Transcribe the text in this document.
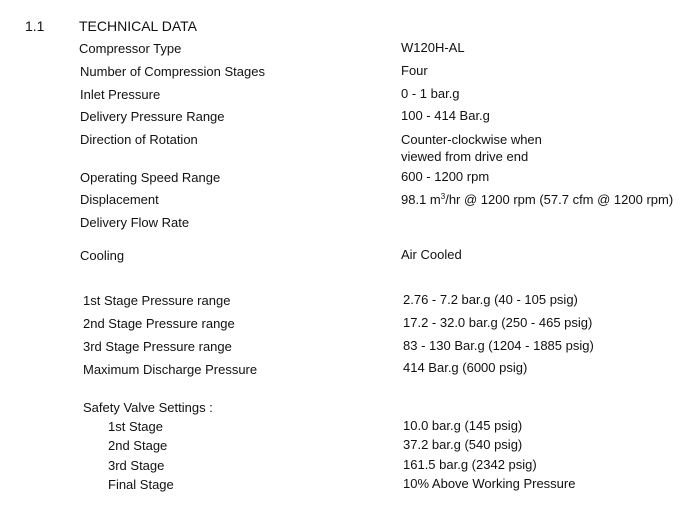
1.1 TECHNICAL DATA
Compressor Type	W120H-AL
Number of Compression Stages	Four
Inlet Pressure	0 - 1 bar.g
Delivery Pressure Range	100 - 414 Bar.g
Direction of Rotation	Counter-clockwise when
viewed from drive end
Operating Speed Range	600 - 1200 rpm
Displacement	98.1 $m^3/hr$ @ 1200 rpm (57.7 cfm @ 1200 rpm)
Delivery Flow Rate
Cooling	Air Cooled
1st Stage Pressure range	2.76 - 7.2 bar.g (40 - 105 psig)
2nd Stage Pressure range	17.2 - 32.0 bar.g (250 - 465 psig)
3rd Stage Pressure range	83 - 130 Bar.g (1204 - 1885 psig)
Maximum Discharge Pressure	414 Bar.g (6000 psig)
Safety Valve Settings :
1st Stage	10.0 bar.g (145 psig)
2nd Stage	37.2 bar.g (540 psig)
3rd Stage	161.5 bar.g (2342 psig)
Final Stage	10% Above Working Pressure
